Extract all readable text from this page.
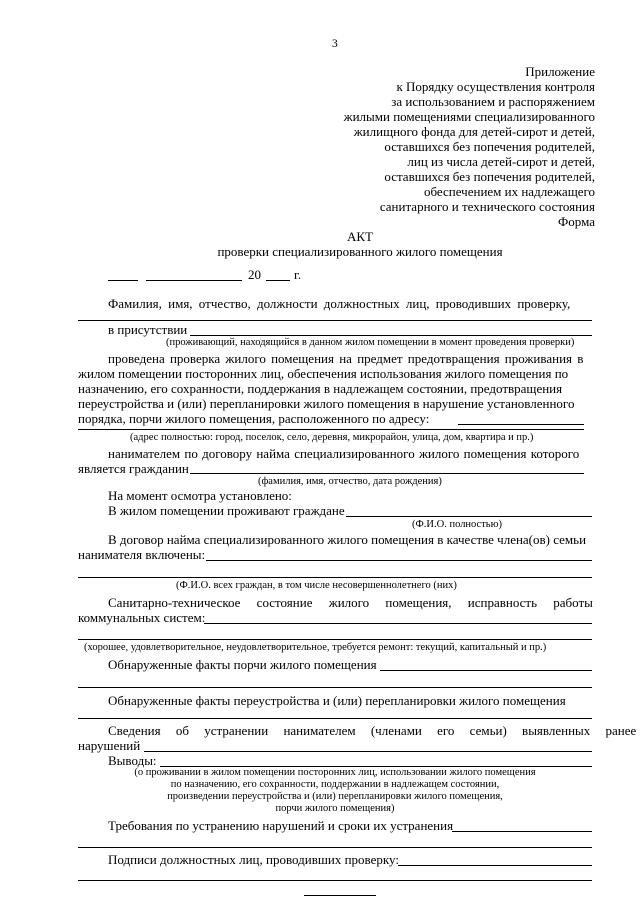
3
Приложение
к Порядку осуществления контроля
за использованием и распоряжением
жилыми помещениями специализированного
жилищного фонда для детей-сирот и детей,
оставшихся без попечения родителей,
лиц из числа детей-сирот и детей,
оставшихся без попечения родителей,
обеспечением их надлежащего
санитарного и технического состояния
Форма
АКТ
проверки специализированного жилого помещения
20	г.
Фамилия, имя, отчество, должности должностных лиц, проводивших проверку,
в присутствии
(проживающий, находящийся в данном жилом помещении в момент проведения проверки)
проведена проверка жилого помещения на предмет предотвращения проживания в
жилом помещении посторонних лиц, обеспечения использования жилого помещения по
назначению, его сохранности, поддержания в надлежащем состоянии, предотвращения
переустройства и (или) перепланировки жилого помещения в нарушение установленного
порядка, порчи жилого помещения, расположенного по адресу:
(адрес полностью: город, поселок, село, деревня, микрорайон, улица, дом, квартира и пр.)
нанимателем по договору найма специализированного жилого помещения которого
является гражданин
(фамилия, имя, отчество, дата рождения)
На момент осмотра установлено:
В жилом помещении проживают граждане
(Ф.И.О. полностью)
В договор найма специализированного жилого помещения в качестве члена(ов) семьи
нанимателя включены:
(Ф.И.О. всех граждан, в том числе несовершеннолетнего (них)
Санитарно-техническое состояние жилого помещения, исправность работы
коммунальных систем:
(хорошее, удовлетворительное, неудовлетворительное, требуется ремонт: текущий, капитальный и пр.)
Обнаруженные факты порчи жилого помещения
Обнаруженные факты переустройства и (или) перепланировки жилого помещения
Сведения об устранении нанимателем (членами его семьи) выявленных ранее
нарушений
Выводы:
(о проживании в жилом помещении посторонних лиц, использовании жилого помещения
по назначению, его сохранности, поддержании в надлежащем состоянии,
произведении переустройства и (или) перепланировки жилого помещения,
порчи жилого помещения)
Требования по устранению нарушений и сроки их устранения
Подписи должностных лиц, проводивших проверку:
